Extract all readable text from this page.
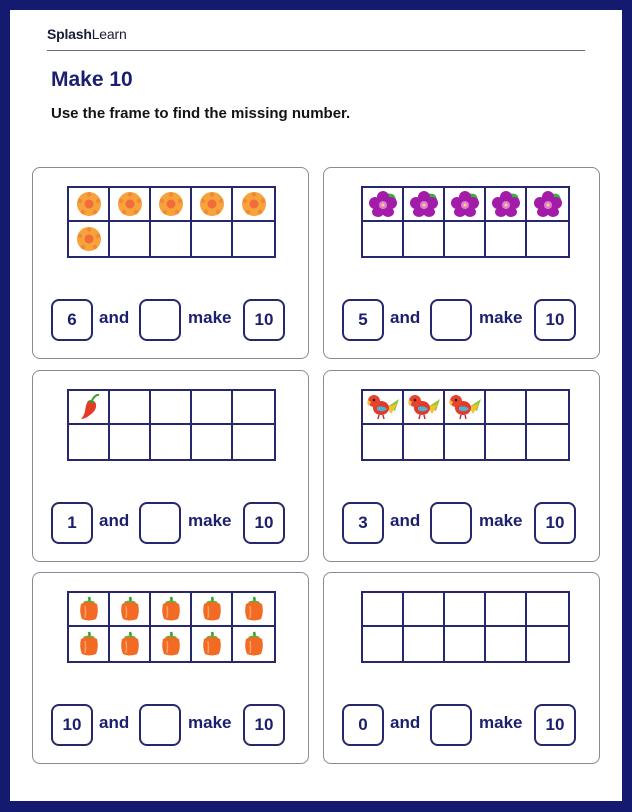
SplashLearn
Make 10
Use the frame to find the missing number.
6	and	make	10	5	and	make	10
1	and	make	10	3	and	make	10
10	and	make	10	0	and	make	10
